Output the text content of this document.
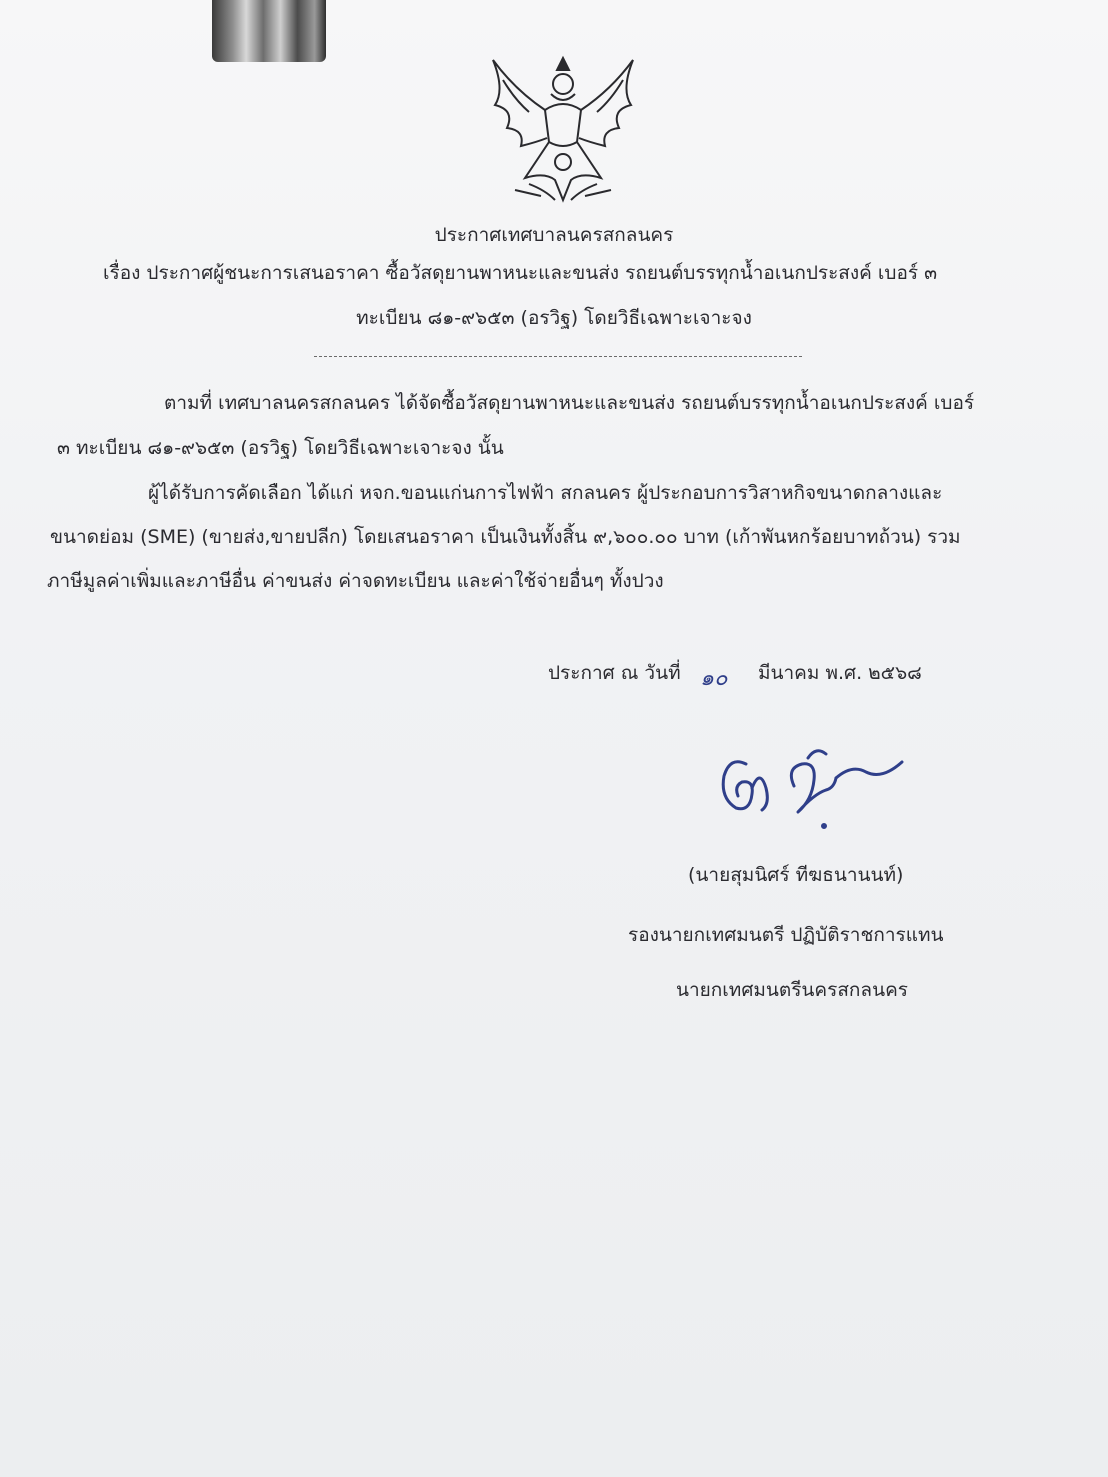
ประกาศเทศบาลนครสกลนคร
เรื่อง ประกาศผู้ชนะการเสนอราคา ซื้อวัสดุยานพาหนะและขนส่ง รถยนต์บรรทุกน้ำอเนกประสงค์ เบอร์ ๓
ทะเบียน ๘๑-๙๖๕๓ (อรวิฐ) โดยวิธีเฉพาะเจาะจง
ตามที่ เทศบาลนครสกลนคร ได้จัดซื้อวัสดุยานพาหนะและขนส่ง รถยนต์บรรทุกน้ำอเนกประสงค์ เบอร์
๓ ทะเบียน ๘๑-๙๖๕๓ (อรวิฐ) โดยวิธีเฉพาะเจาะจง นั้น
ผู้ได้รับการคัดเลือก ได้แก่ หจก.ขอนแก่นการไฟฟ้า สกลนคร ผู้ประกอบการวิสาหกิจขนาดกลางและ
ขนาดย่อม (SME) (ขายส่ง,ขายปลีก) โดยเสนอราคา เป็นเงินทั้งสิ้น ๙,๖๐๐.๐๐ บาท (เก้าพันหกร้อยบาทถ้วน) รวม
ภาษีมูลค่าเพิ่มและภาษีอื่น ค่าขนส่ง ค่าจดทะเบียน และค่าใช้จ่ายอื่นๆ ทั้งปวง
ประกาศ ณ วันที่ ๑๐ มีนาคม พ.ศ. ๒๕๖๘
(นายสุมนิศร์ ทีฆธนานนท์)
รองนายกเทศมนตรี ปฏิบัติราชการแทน
นายกเทศมนตรีนครสกลนคร
